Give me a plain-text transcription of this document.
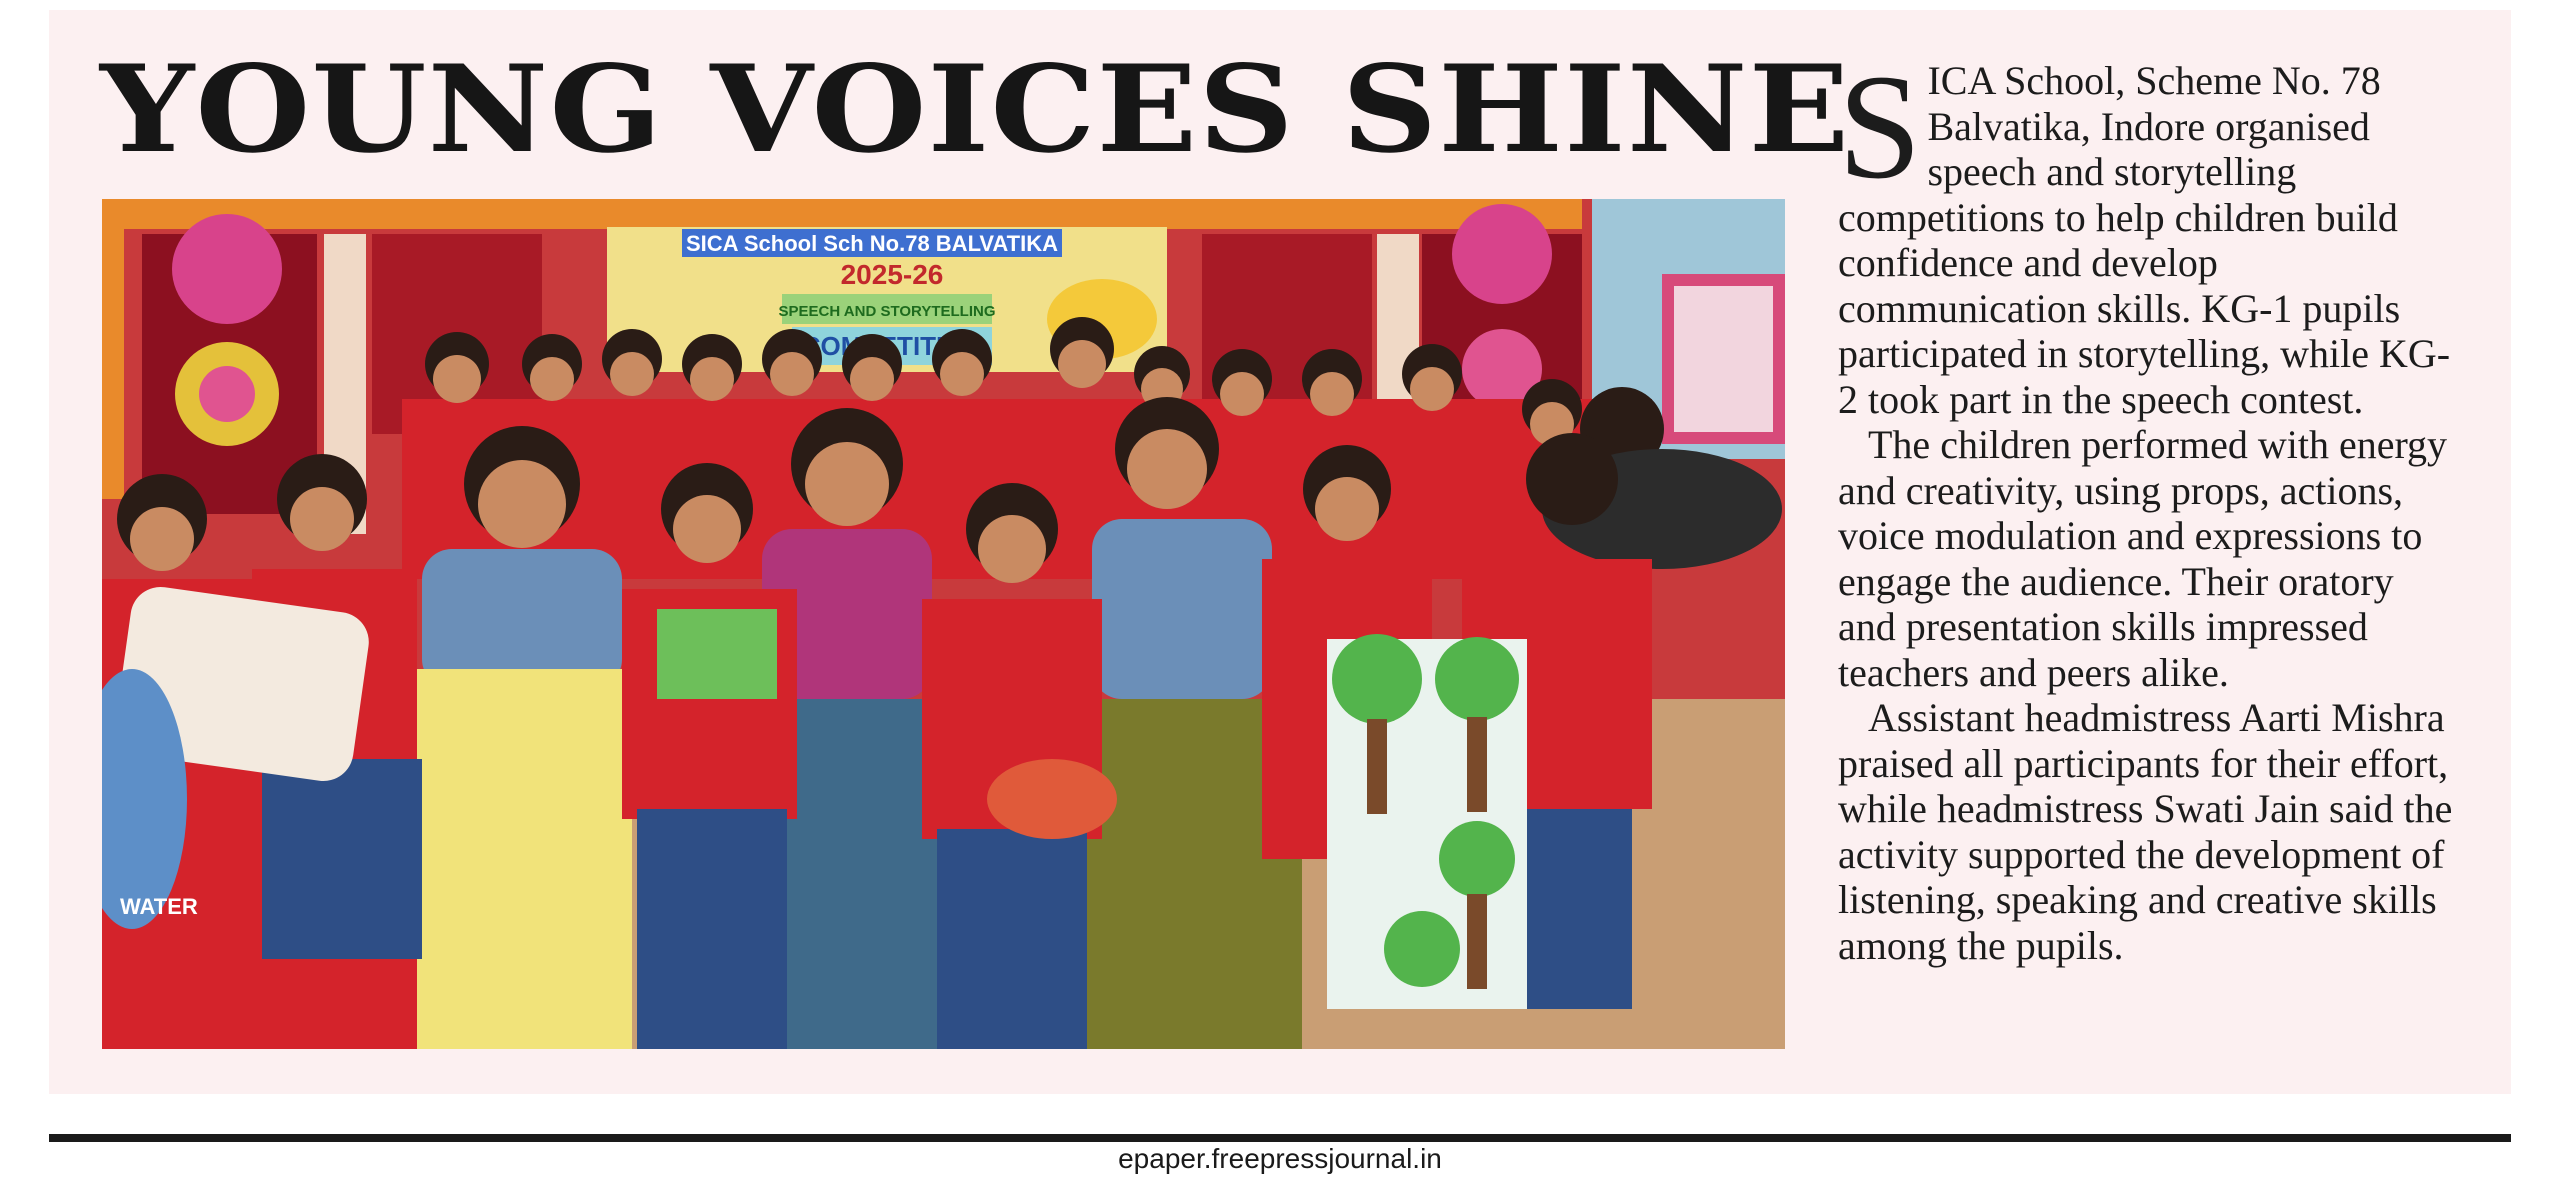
YOUNG VOICES SHINE
SICA School Sch No.78 BALVATIKA
2025-26
SPEECH AND STORYTELLING
WATER

SICA School, Scheme No. 78 Balvatika, Indore organised speech and storytelling competitions to help children build confidence and develop communication skills. KG-1 pupils participated in storytelling, while KG-2 took part in the speech contest.

The children performed with energy and creativity, using props, actions, voice modulation and expressions to engage the audience. Their oratory and presentation skills impressed teachers and peers alike.

Assistant headmistress Aarti Mishra praised all participants for their effort, while headmistress Swati Jain said the activity supported the development of listening, speaking and creative skills among the pupils.

epaper.freepressjournal.in
